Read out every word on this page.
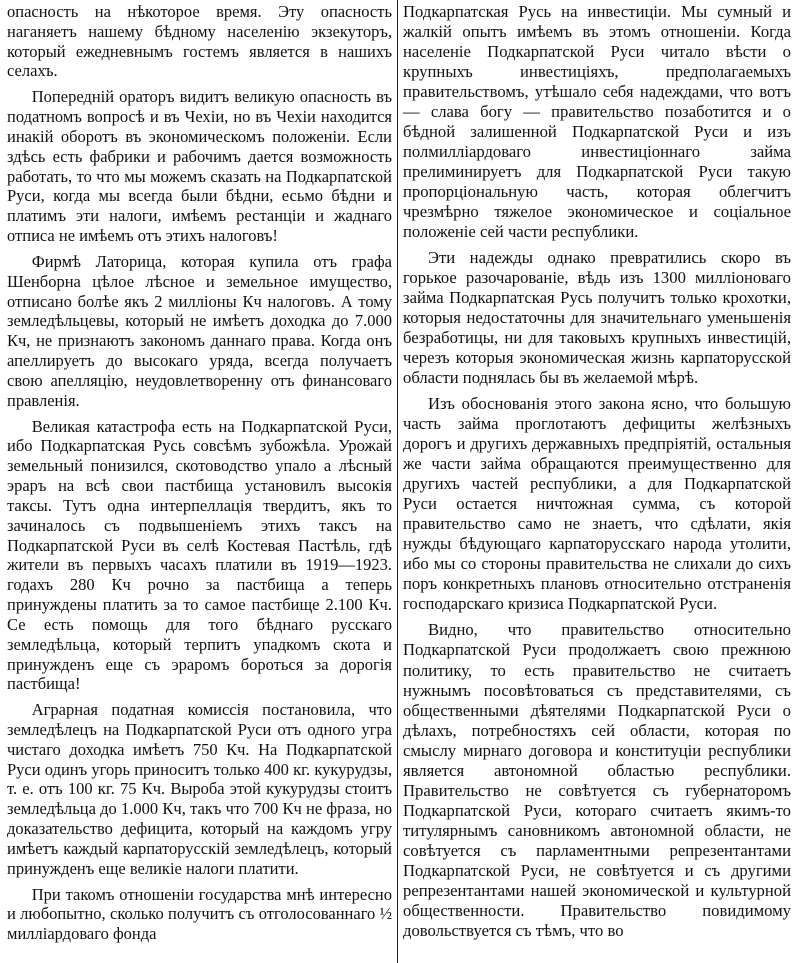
опасность на нѣкоторое время. Эту опасность наганяетъ нашему бѣдному населенію экзекуторъ, который ежедневнымъ гостемъ является в нашихъ селахъ.

Попередній ораторъ видитъ великую опасность въ податномъ вопросѣ и въ Чехіи, но въ Чехіи находится инакій оборотъ въ экономическомъ положеніи. Если здѣсь есть фабрики и рабочимъ дается возможность работать, то что мы можемъ сказать на Подкарпатской Руси, когда мы всегда были бѣдни, есьмо бѣдни и платимъ эти налоги, имѣемъ рестанціи и жаднаго отписа не имѣемъ отъ этихъ налоговъ!

Фирмѣ Латорица, которая купила отъ графа Шенборна цѣлое лѣсное и земельное имущество, отписано болѣе якъ 2 милліоны Кч налоговъ. А тому земледѣльцевы, который не имѣетъ доходка до 7.000 Кч, не признаютъ закономъ даннаго права. Когда онъ апеллируетъ до высокаго уряда, всегда получаетъ свою апелляцію, неудовлетворенну отъ финансоваго правленія.

Великая катастрофа есть на Подкарпатской Руси, ибо Подкарпатская Русь совсѣмъ зубожѣла. Урожай земельный понизился, скотоводство упало а лѣсный эраръ на всѣ свои пастбища установилъ высокія таксы. Тутъ одна интерпеллація твердитъ, якъ то зачиналось съ подвышеніемъ этихъ таксъ на Подкарпатской Руси въ селѣ Костевая Пастѣль, гдѣ жители въ первыхъ часахъ платили въ 1919—1923. годахъ 280 Кч рочно за пастбища а теперь принуждены платить за то самое пастбище 2.100 Кч. Се есть помощь для того бѣднаго русскаго земледѣльца, который терпитъ упадкомъ скота и принужденъ еще съ эраромъ бороться за дорогія пастбища!

Аграрная податная комиссія постановила, что земледѣлецъ на Подкарпатской Руси отъ одного угра чистаго доходка имѣетъ 750 Кч. На Подкарпатской Руси одинъ угорь приноситъ только 400 кг. кукурудзы, т. е. отъ 100 кг. 75 Кч. Выроба этой кукурудзы стоитъ земледѣльца до 1.000 Кч, такъ что 700 Кч не фраза, но доказательство дефицита, который на каждомъ угру имѣетъ каждый карпаторусскій земледѣлецъ, который принужденъ еще великіе налоги платити.

При такомъ отношеніи государства мнѣ интересно и любопытно, сколько получитъ съ отголосованнаго ½ милліардоваго фонда

Подкарпатская Русь на инвестиціи. Мы сумный и жалкій опытъ имѣемъ въ этомъ отношеніи. Когда населеніе Подкарпатской Руси читало вѣсти о крупныхъ инвестиціяхъ, предполагаемыхъ правительствомъ, утѣшало себя надеждами, что вотъ — слава богу — правительство позаботится и о бѣдной залишенной Подкарпатской Руси и изъ полмилліардоваго инвестиціоннаго займа прелиминируетъ для Подкарпатской Руси такую пропорціональную часть, которая облегчитъ чрезмѣрно тяжелое экономическое и соціальное положеніе сей части республики.

Эти надежды однако превратились скоро въ горькое разочарованіе, вѣдь изъ 1300 милліоноваго займа Подкарпатская Русь получитъ только крохотки, которыя недостаточны для значительнаго уменьшенія безработицы, ни для таковыхъ крупныхъ инвестицій, черезъ которыя экономическая жизнь карпаторусской области поднялась бы въ желаемой мѣрѣ.

Изъ обоснованія этого закона ясно, что большую часть займа проглотаютъ дефициты желѣзныхъ дорогъ и другихъ державныхъ предпріятій, остальныя же части займа обращаются преимущественно для другихъ частей республики, а для Подкарпатской Руси остается ничтожная сумма, съ которой правительство само не знаетъ, что сдѣлати, якія нужды бѣдующаго карпаторусскаго народа утолити, ибо мы со стороны правительства не слихали до сихъ поръ конкретныхъ плановъ относительно отстраненія господарскаго кризиса Подкарпатской Руси.

Видно, что правительство относительно Подкарпатской Руси продолжаетъ свою прежнюю политику, то есть правительство не считаетъ нужнымъ посовѣтоваться съ представителями, съ общественными дѣятелями Подкарпатской Руси о дѣлахъ, потребностяхъ сей области, которая по смыслу мирнаго договора и конституціи республики является автономной областью республики. Правительство не совѣтуется съ губернаторомъ Подкарпатской Руси, котораго считаетъ якимъ-то титулярнымъ сановникомъ автономной области, не совѣтуется съ парламентными репрезентантами Подкарпатской Руси, не совѣтуется и съ другими репрезентантами нашей экономической и культурной общественности. Правительство повидимому довольствуется съ тѣмъ, что во
